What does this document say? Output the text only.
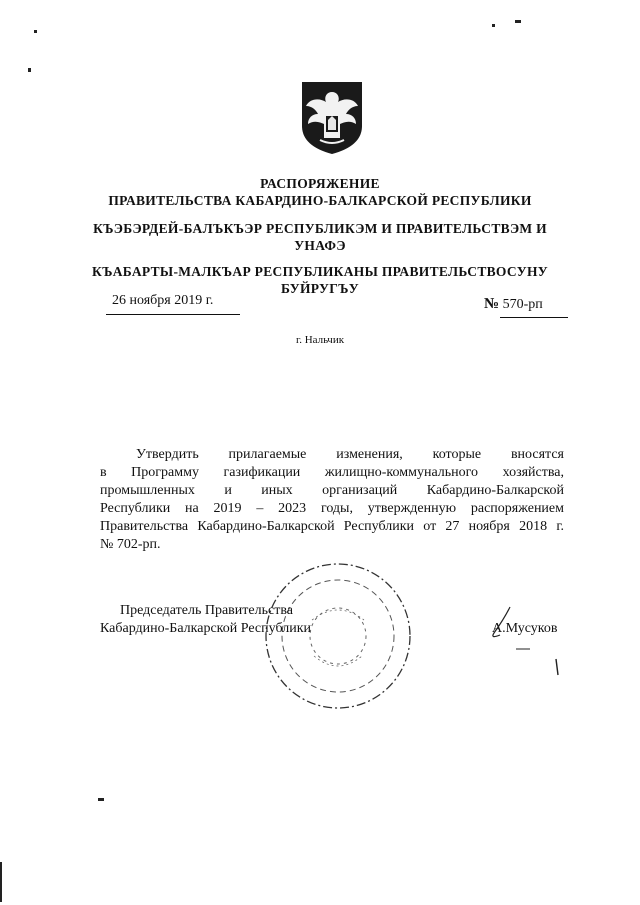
РАСПОРЯЖЕНИЕ
ПРАВИТЕЛЬСТВА КАБАРДИНО-БАЛКАРСКОЙ РЕСПУБЛИКИ
КЪЭБЭРДЕЙ-БАЛЪКЪЭР РЕСПУБЛИКЭМ И ПРАВИТЕЛЬСТВЭМ И
УНАФЭ
КЪАБАРТЫ-МАЛКЪАР РЕСПУБЛИКАНЫ ПРАВИТЕЛЬСТВОСУНУ
БУЙРУГЪУ
26 ноября 2019 г.	№ 570-рп
г. Нальчик
Утвердить прилагаемые изменения, которые вносятся
в Программу газификации жилищно-коммунального хозяйства,
промышленных и иных организаций Кабардино-Балкарской
Республики на 2019 – 2023 годы, утвержденную распоряжением
Правительства Кабардино-Балкарской Республики от 27 ноября 2018 г.
№ 702-рп.
Председатель Правительства
Кабардино-Балкарской Республики	А.Мусуков
